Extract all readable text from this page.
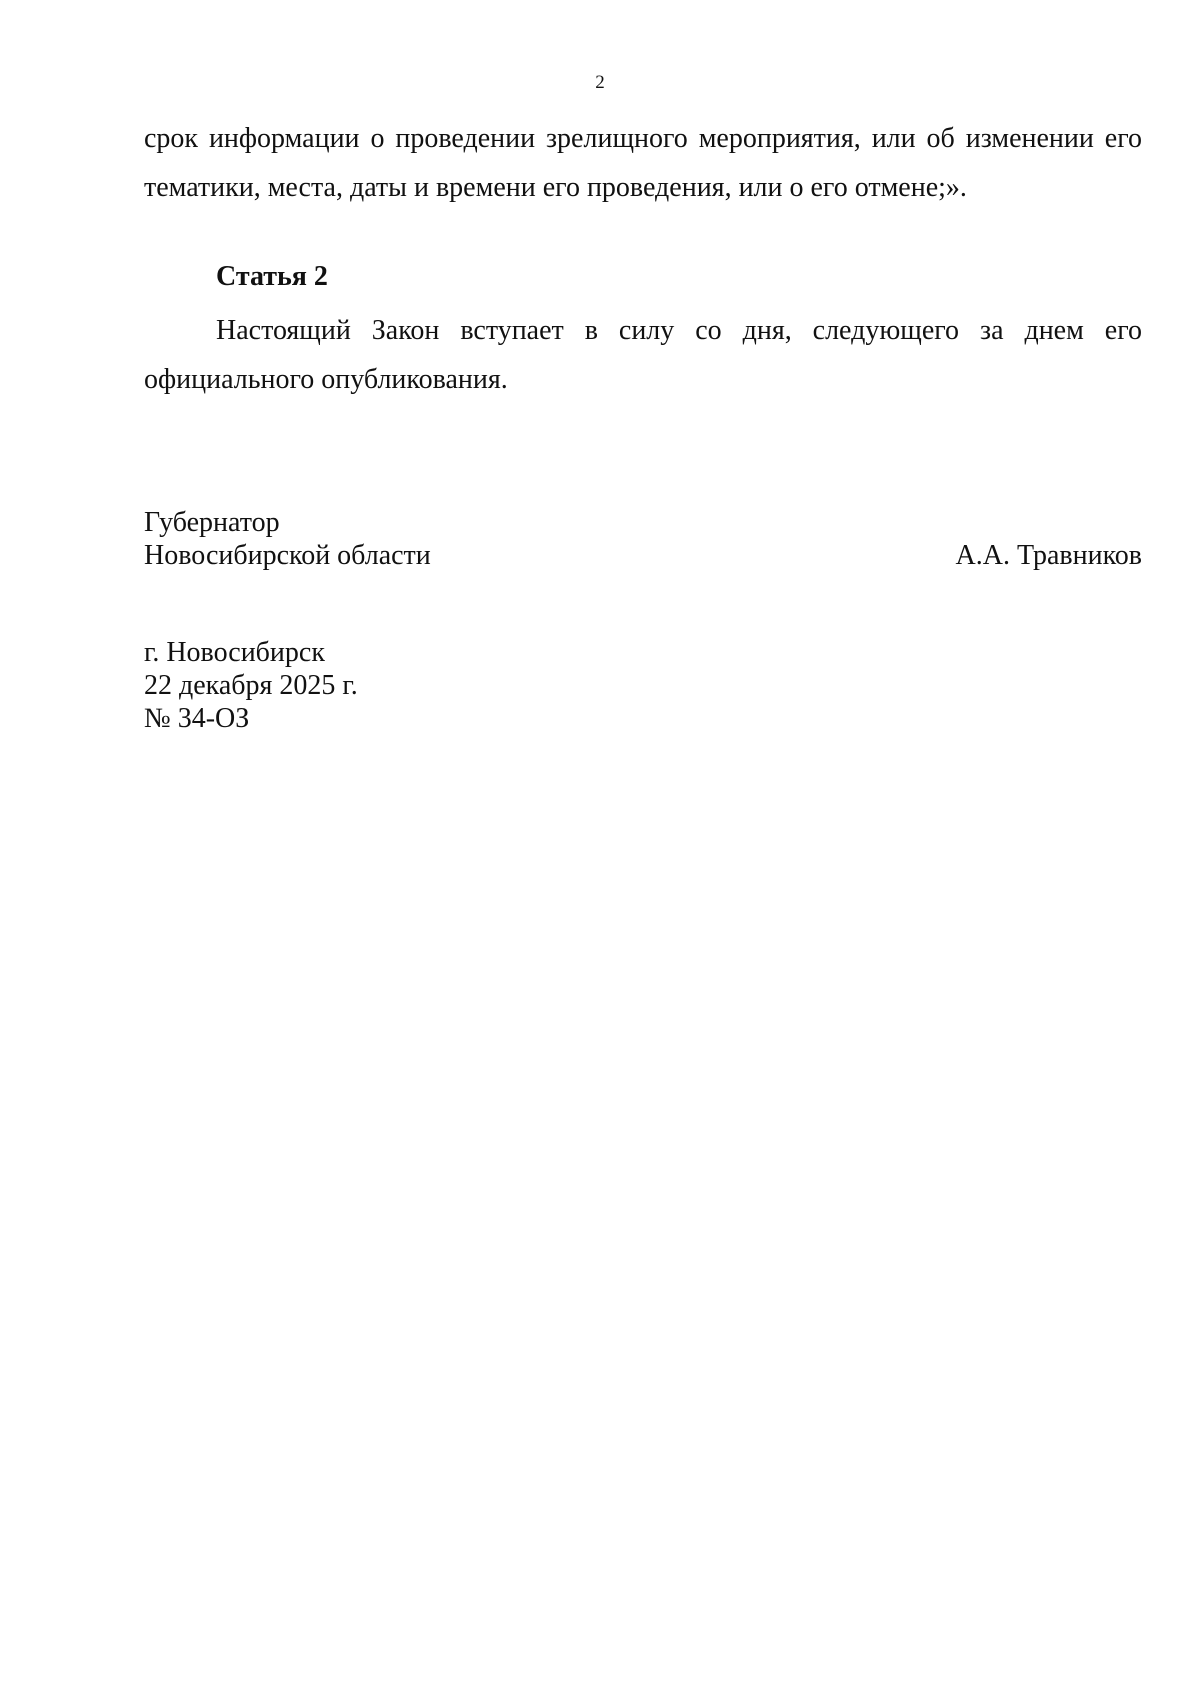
2

срок информации о проведении зрелищного мероприятия, или об изменении его тематики, места, даты и времени его проведения, или о его отмене;».

Статья 2

Настоящий Закон вступает в силу со дня, следующего за днем его официального опубликования.

Губернатор
Новосибирской области	А.А. Травников
г. Новосибирск
22 декабря 2025 г.
№ 34-ОЗ
